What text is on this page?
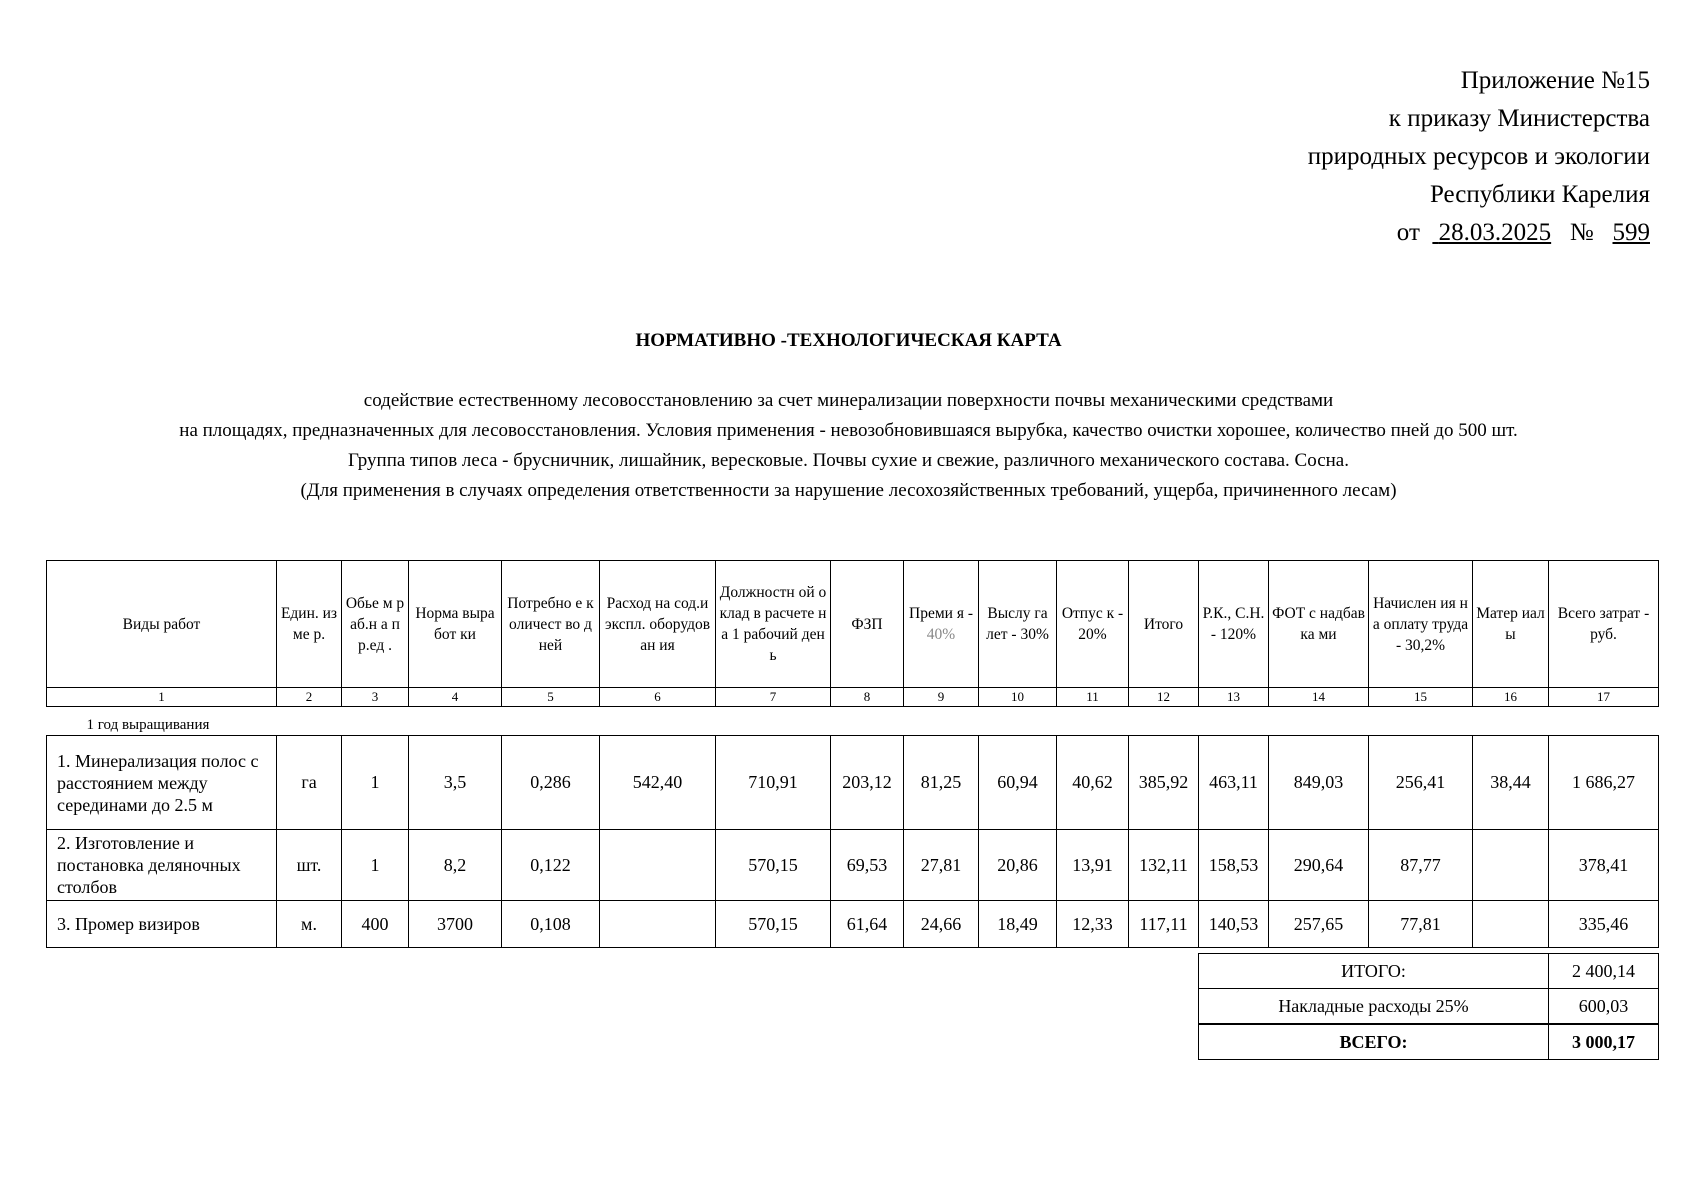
Приложение №15
к приказу Министерства
природных ресурсов и экологии
Республики Карелия
от 28.03.2025 № 599
НОРМАТИВНО -ТЕХНОЛОГИЧЕСКАЯ КАРТА
содействие естественному лесовосстановлению за счет минерализации поверхности почвы механическими средствами
на площадях, предназначенных для лесовосстановления. Условия применения - невозобновившаяся вырубка, качество очистки хорошее, количество пней до 500 шт.
Группа типов леса - брусничник, лишайник, вересковые. Почвы сухие и свежие, различного механического состава. Сосна.
(Для применения в случаях определения ответственности за нарушение лесохозяйственных требований, ущерба, причиненного лесам)
Виды работ	Един. изме р.	Обье м раб.н а пр.ед .	Норма выработ ки	Потребно е количест во дней	Расход на сод.и экспл. оборудован ия	Должностн ой оклад в расчете на 1 рабочий день	ФЗП	Преми я - 40%	Выслу га лет - 30%	Отпус к - 20%	Итого	Р.К., С.Н.- 120%	ФОТ с надбавка ми	Начислен ия на оплату труда - 30,2%	Матер иалы	Всего затрат - руб.
1	2	3	4	5	6	7	8	9	10	11	12	13	14	15	16	17
1 год выращивания																
1. Минерализация полос с расстоянием между серединами до 2.5 м	га	1	3,5	0,286	542,40	710,91	203,12	81,25	60,94	40,62	385,92	463,11	849,03	256,41	38,44	1 686,27
2. Изготовление и постановка деляночных столбов	шт.	1	8,2	0,122		570,15	69,53	27,81	20,86	13,91	132,11	158,53	290,64	87,77		378,41
3. Промер визиров	м.	400	3700	0,108		570,15	61,64	24,66	18,49	12,33	117,11	140,53	257,65	77,81		335,46
ИТОГО:	2 400,14
Накладные расходы 25%	600,03
ВСЕГО:	3 000,17
